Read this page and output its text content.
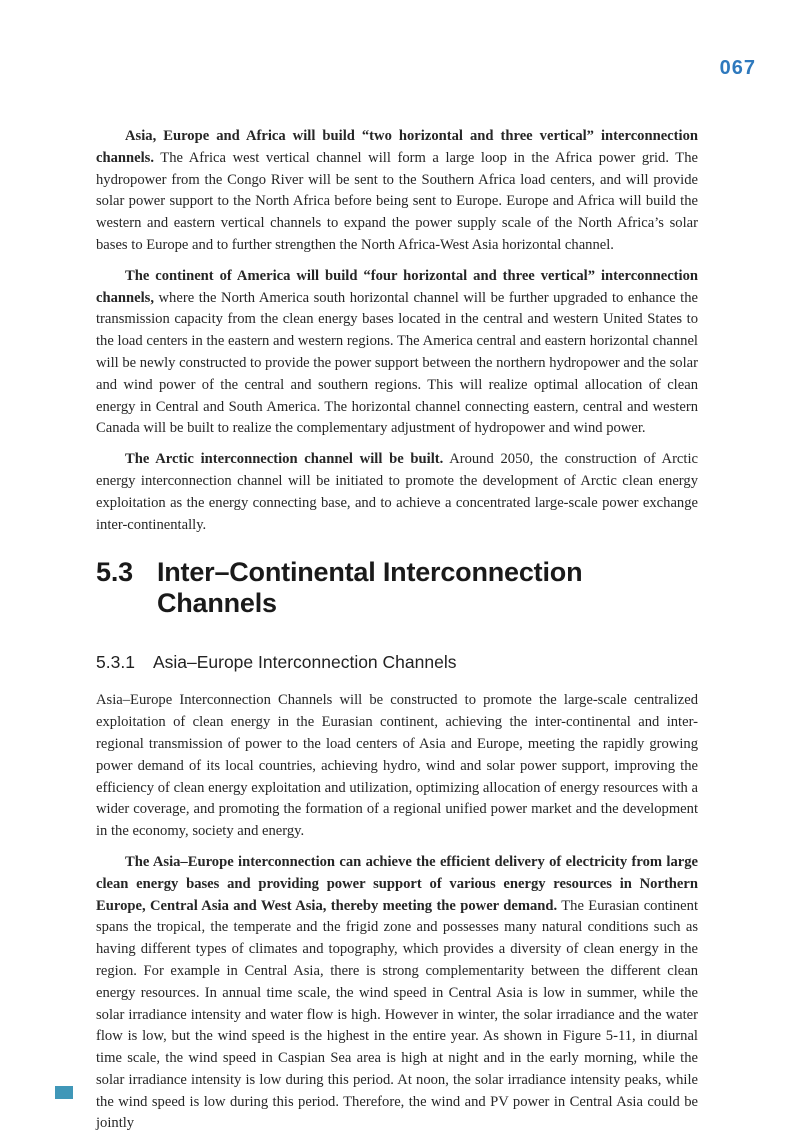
067

Asia, Europe and Africa will build “two horizontal and three vertical” interconnection channels. The Africa west vertical channel will form a large loop in the Africa power grid. The hydropower from the Congo River will be sent to the Southern Africa load centers, and will provide solar power support to the North Africa before being sent to Europe. Europe and Africa will build the western and eastern vertical channels to expand the power supply scale of the North Africa’s solar bases to Europe and to further strengthen the North Africa-West Asia horizontal channel.

The continent of America will build “four horizontal and three vertical” interconnection channels, where the North America south horizontal channel will be further upgraded to enhance the transmission capacity from the clean energy bases located in the central and western United States to the load centers in the eastern and western regions. The America central and eastern horizontal channel will be newly constructed to provide the power support between the northern hydropower and the solar and wind power of the central and southern regions. This will realize optimal allocation of clean energy in Central and South America. The horizontal channel connecting eastern, central and western Canada will be built to realize the complementary adjustment of hydropower and wind power.

The Arctic interconnection channel will be built. Around 2050, the construction of Arctic energy interconnection channel will be initiated to promote the development of Arctic clean energy exploitation as the energy connecting base, and to achieve a concentrated large-scale power exchange inter-continentally.

5.3 Inter–Continental Interconnection Channels
5.3.1 Asia–Europe Interconnection Channels

Asia–Europe Interconnection Channels will be constructed to promote the large-scale centralized exploitation of clean energy in the Eurasian continent, achieving the inter-continental and inter-regional transmission of power to the load centers of Asia and Europe, meeting the rapidly growing power demand of its local countries, achieving hydro, wind and solar power support, improving the efficiency of clean energy exploitation and utilization, optimizing allocation of energy resources with a wider coverage, and promoting the formation of a regional unified power market and the development in the economy, society and energy.

The Asia–Europe interconnection can achieve the efficient delivery of electricity from large clean energy bases and providing power support of various energy resources in Northern Europe, Central Asia and West Asia, thereby meeting the power demand. The Eurasian continent spans the tropical, the temperate and the frigid zone and possesses many natural conditions such as having different types of climates and topography, which provides a diversity of clean energy in the region. For example in Central Asia, there is strong complementarity between the different clean energy resources. In annual time scale, the wind speed in Central Asia is low in summer, while the solar irradiance intensity and water flow is high. However in winter, the solar irradiance and the water flow is low, but the wind speed is the highest in the entire year. As shown in Figure 5-11, in diurnal time scale, the wind speed in Caspian Sea area is high at night and in the early morning, while the solar irradiance intensity is low during this period. At noon, the solar irradiance intensity peaks, while the wind speed is low during this period. Therefore, the wind and PV power in Central Asia could be jointly
